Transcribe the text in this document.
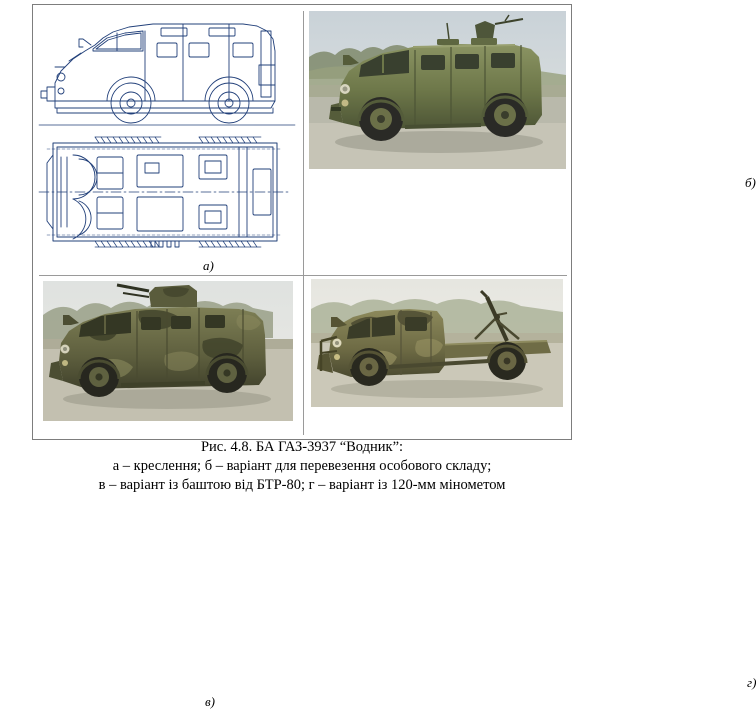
а)
б)
в)
г)
Рис. 4.8. БА ГАЗ-3937 “Водник”:
а – креслення; б – варіант для перевезення особового складу;
в – варіант із баштою від БТР-80; г – варіант із 120-мм мінометом
